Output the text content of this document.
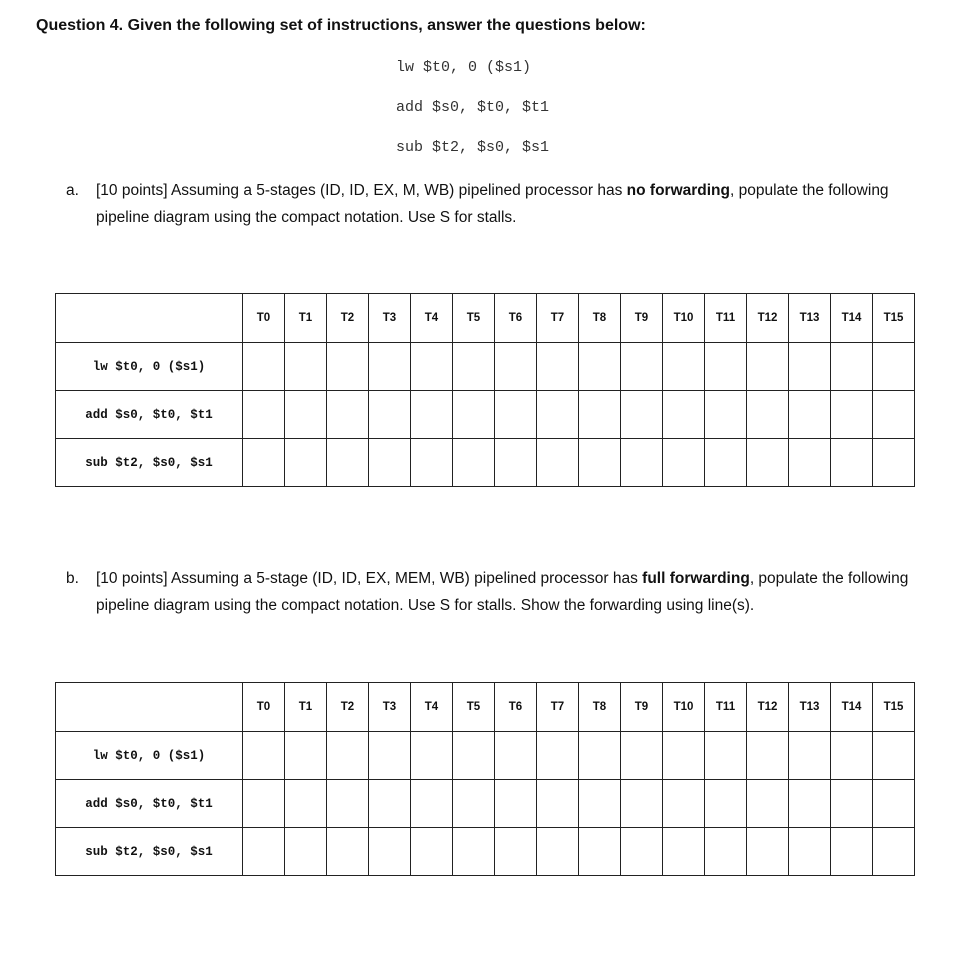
Question 4. Given the following set of instructions, answer the questions below:
lw $t0, 0 ($s1)
add $s0, $t0, $t1
sub $t2, $s0, $s1
a. [10 points] Assuming a 5-stages (ID, ID, EX, M, WB) pipelined processor has no forwarding, populate the following pipeline diagram using the compact notation. Use S for stalls.
	T0	T1	T2	T3	T4	T5	T6	T7	T8	T9	T10	T11	T12	T13	T14	T15
lw $t0, 0 ($s1)																
add $s0, $t0, $t1																
sub $t2, $s0, $s1																
b. [10 points] Assuming a 5-stage (ID, ID, EX, MEM, WB) pipelined processor has full forwarding, populate the following pipeline diagram using the compact notation. Use S for stalls. Show the forwarding using line(s).
	T0	T1	T2	T3	T4	T5	T6	T7	T8	T9	T10	T11	T12	T13	T14	T15
lw $t0, 0 ($s1)																
add $s0, $t0, $t1																
sub $t2, $s0, $s1																
